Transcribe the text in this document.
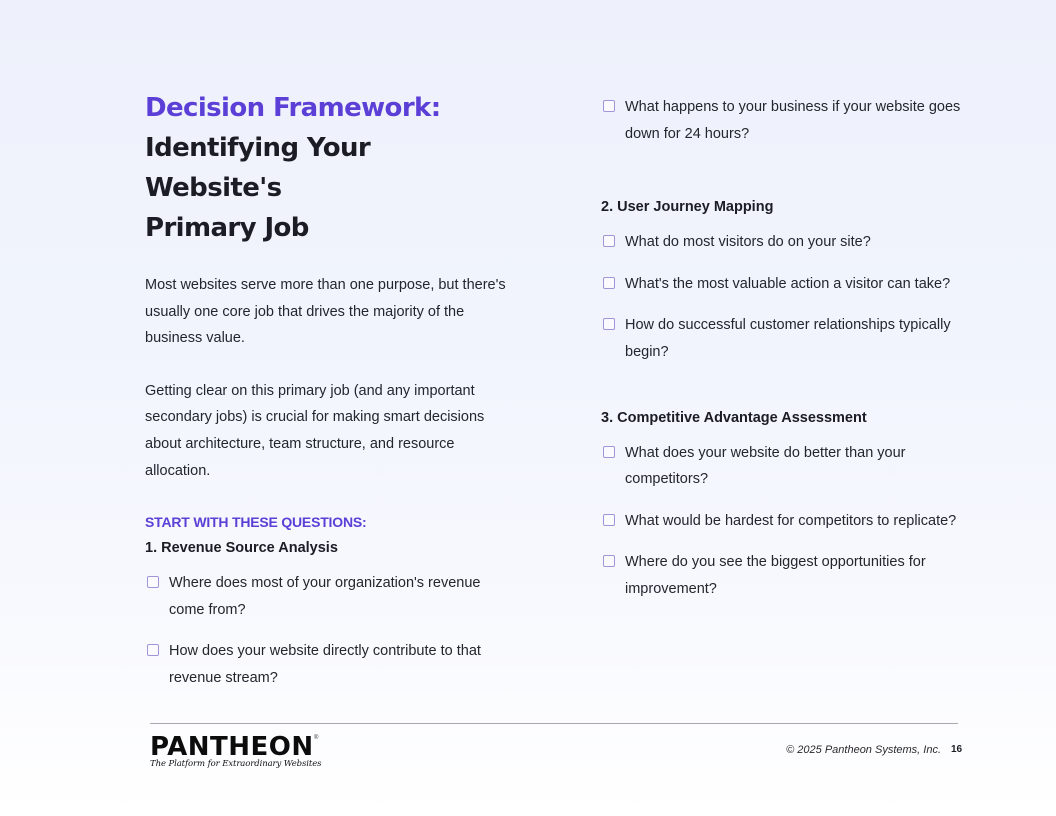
Decision Framework:
Identifying Your Website's
Primary Job

Most websites serve more than one purpose, but there's usually one core job that drives the majority of the business value.

Getting clear on this primary job (and any important secondary jobs) is crucial for making smart decisions about architecture, team structure, and resource allocation.

START WITH THESE QUESTIONS:
1. Revenue Source Analysis
Where does most of your organization's revenue come from?
How does your website directly contribute to that revenue stream?
What happens to your business if your website goes down for 24 hours?
2. User Journey Mapping
What do most visitors do on your site?
What's the most valuable action a visitor can take?
How do successful customer relationships typically begin?
3. Competitive Advantage Assessment
What does your website do better than your competitors?
What would be hardest for competitors to replicate?
Where do you see the biggest opportunities for improvement?
PANTHEON ®
The Platform for Extraordinary Websites
© 2025 Pantheon Systems, Inc. 16
